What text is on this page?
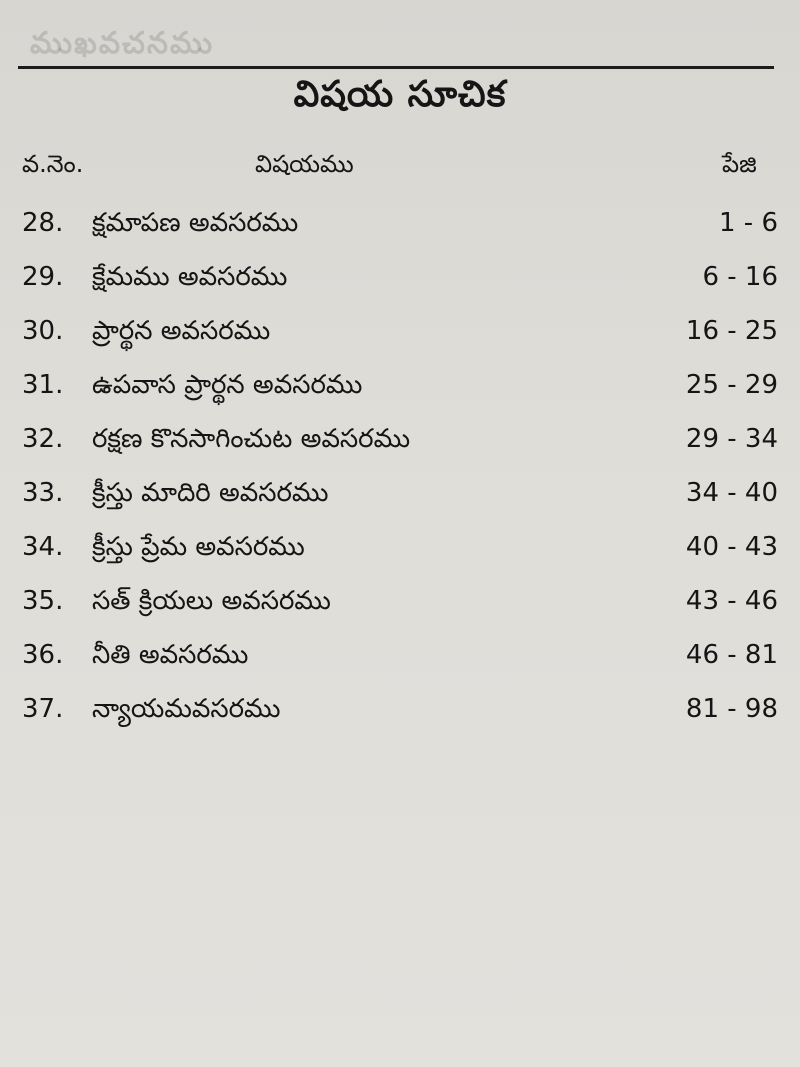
ముఖవచనము
విషయ సూచిక
వ.నెం.	విషయము	పేజి
28. క్షమాపణ అవసరము	1 - 6
29. క్షేమము అవసరము	6 - 16
30. ప్రార్థన అవసరము	16 - 25
31. ఉపవాస ప్రార్థన అవసరము	25 - 29
32. రక్షణ కొనసాగించుట అవసరము	29 - 34
33. క్రీస్తు మాదిరి అవసరము	34 - 40
34. క్రీస్తు ప్రేమ అవసరము	40 - 43
35. సత్ క్రియలు అవసరము	43 - 46
36. నీతి అవసరము	46 - 81
37. న్యాయమవసరము	81 - 98
